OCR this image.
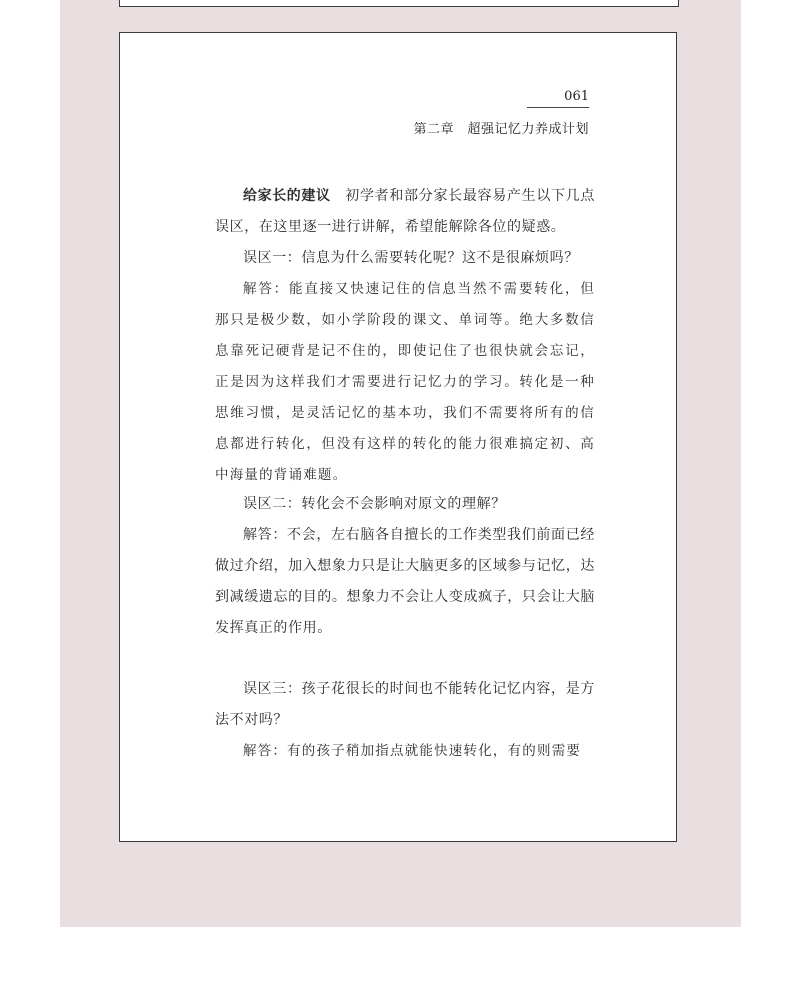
061
第二章　超强记忆力养成计划

给家长的建议　 初学者和部分家长最容易产生以下几点误区，在这里逐一进行讲解，希望能解除各位的疑惑。

误区一：信息为什么需要转化呢？这不是很麻烦吗？

解答：能直接又快速记住的信息当然不需要转化，但那只是极少数，如小学阶段的课文、单词等。绝大多数信息靠死记硬背是记不住的，即使记住了也很快就会忘记，正是因为这样我们才需要进行记忆力的学习。转化是一种思维习惯，是灵活记忆的基本功，我们不需要将所有的信息都进行转化，但没有这样的转化的能力很难搞定初、高中海量的背诵难题。

误区二：转化会不会影响对原文的理解？

解答：不会，左右脑各自擅长的工作类型我们前面已经做过介绍，加入想象力只是让大脑更多的区域参与记忆，达到减缓遗忘的目的。想象力不会让人变成疯子，只会让大脑发挥真正的作用。

误区三：孩子花很长的时间也不能转化记忆内容，是方法不对吗？

解答：有的孩子稍加指点就能快速转化，有的则需要
